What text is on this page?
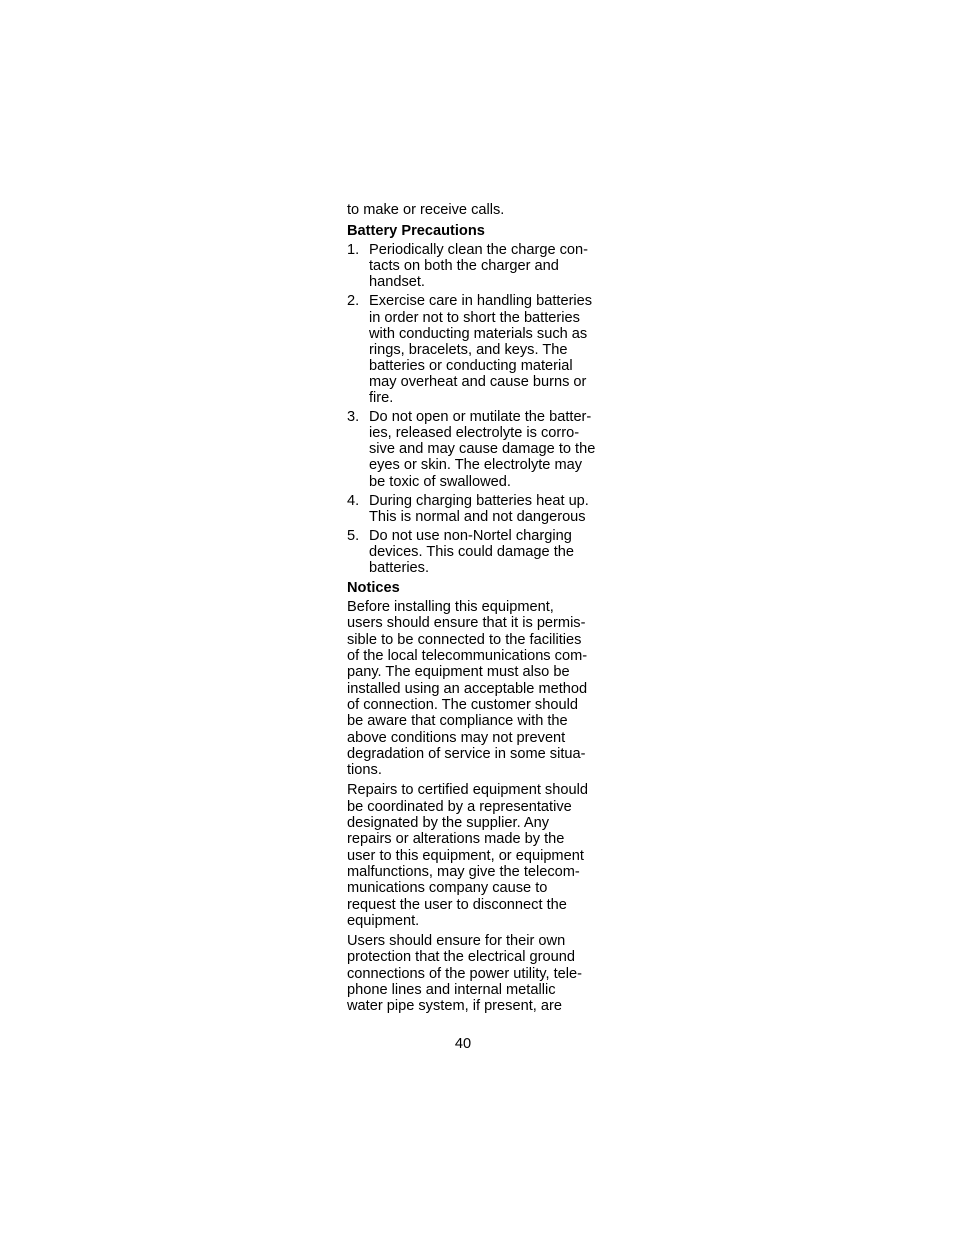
to make or receive calls.

Battery Precautions
1. Periodically clean the charge con-
tacts on both the charger and
handset.
2. Exercise care in handling batteries
in order not to short the batteries
with conducting materials such as
rings, bracelets, and keys. The
batteries or conducting material
may overheat and cause burns or
fire.
3. Do not open or mutilate the batter-
ies, released electrolyte is corro-
sive and may cause damage to the
eyes or skin. The electrolyte may
be toxic of swallowed.
4. During charging batteries heat up.
This is normal and not dangerous
5. Do not use non-Nortel charging
devices. This could damage the
batteries.
Notices

Before installing this equipment,
users should ensure that it is permis-
sible to be connected to the facilities
of the local telecommunications com-
pany. The equipment must also be
installed using an acceptable method
of connection. The customer should
be aware that compliance with the
above conditions may not prevent
degradation of service in some situa-
tions.

Repairs to certified equipment should
be coordinated by a representative
designated by the supplier. Any
repairs or alterations made by the
user to this equipment, or equipment
malfunctions, may give the telecom-
munications company cause to
request the user to disconnect the
equipment.

Users should ensure for their own
protection that the electrical ground
connections of the power utility, tele-
phone lines and internal metallic
water pipe system, if present, are

40
